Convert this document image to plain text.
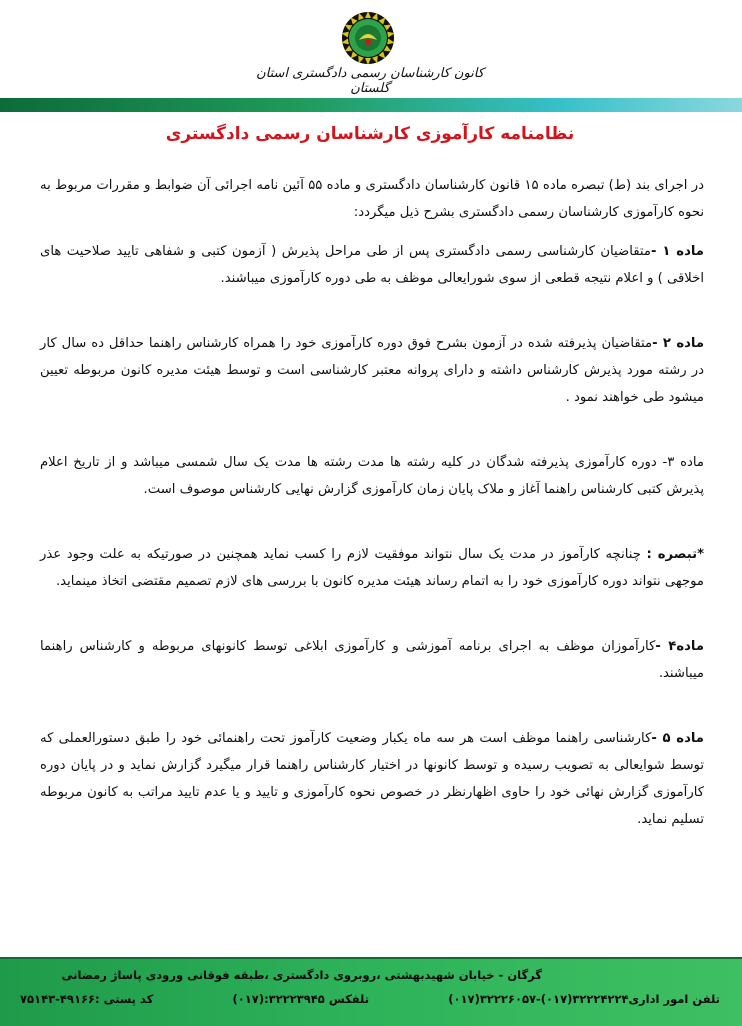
کانون کارشناسان رسمی دادگستری استان گلستان
نظامنامه کارآموزی کارشناسان رسمی دادگستری

در اجرای بند (ط) تبصره ماده ۱۵ قانون کارشناسان دادگستری و ماده ۵۵ آئین نامه اجرائی آن ضوابط و مقررات مربوط به نحوه کارآموزی کارشناسان رسمی دادگستری بشرح ذیل میگردد:

ماده ۱ -متقاضیان کارشناسی رسمی دادگستری پس از طی مراحل پذیرش ( آزمون کتبی و شفاهی تایید صلاحیت های اخلاقی ) و اعلام نتیجه قطعی از سوی شورایعالی موظف به طی دوره کارآموزی میباشند.

ماده ۲ -متقاضیان پذیرفته شده در آزمون بشرح فوق دوره کارآموزی خود را همراه کارشناس راهنما حداقل ده سال کار در رشته مورد پذیرش کارشناس داشته و دارای پروانه معتبر کارشناسی است و توسط هیئت مدیره کانون مربوطه تعیین میشود طی خواهند نمود .

ماده ۳- دوره کارآموزی پذیرفته شدگان در کلیه رشته ها مدت رشته ها مدت یک سال شمسی میباشد و از تاریخ اعلام پذیرش کتبی کارشناس راهنما آغاز و ملاک پایان زمان کارآموزی گزارش نهایی کارشناس موصوف است.

*تبصره : چنانچه کارآموز در مدت یک سال نتواند موفقیت لازم را کسب نماید همچنین در صورتیکه به علت وجود عذر موجهی نتواند دوره کارآموزی خود را به اتمام رساند هیئت مدیره کانون با بررسی های لازم تصمیم مقتضی اتخاذ مینماید.

ماده۴ -کارآموزان موظف به اجرای برنامه آموزشی و کارآموزی ابلاغی توسط کانونهای مربوطه و کارشناس راهنما میباشند.

ماده ۵ -کارشناسی راهنما موظف است هر سه ماه یکبار وضعیت کارآموز تحت راهنمائی خود را طبق دستورالعملی که توسط شوایعالی به تصویب رسیده و توسط کانونها در اختیار کارشناس راهنما قرار میگیرد گزارش نماید و در پایان دوره کارآموزی گزارش نهائی خود را حاوی اظهارنظر در خصوص نحوه کارآموزی و تایید و یا عدم تایید مراتب به کانون مربوطه تسلیم نماید.

گرگان - خیابان شهیدبهشتی ،روبروی دادگستری ،طبقه فوقانی ورودی پاساژ رمضانی
تلفن امور اداری۳۲۲۲۴۲۲۴(۰۱۷)-۳۲۲۲۶۰۵۷(۰۱۷)
تلفکس ۳۲۲۲۳۹۴۵:(۰۱۷)
کد پستی :۴۹۱۶۶-۷۵۱۴۳
